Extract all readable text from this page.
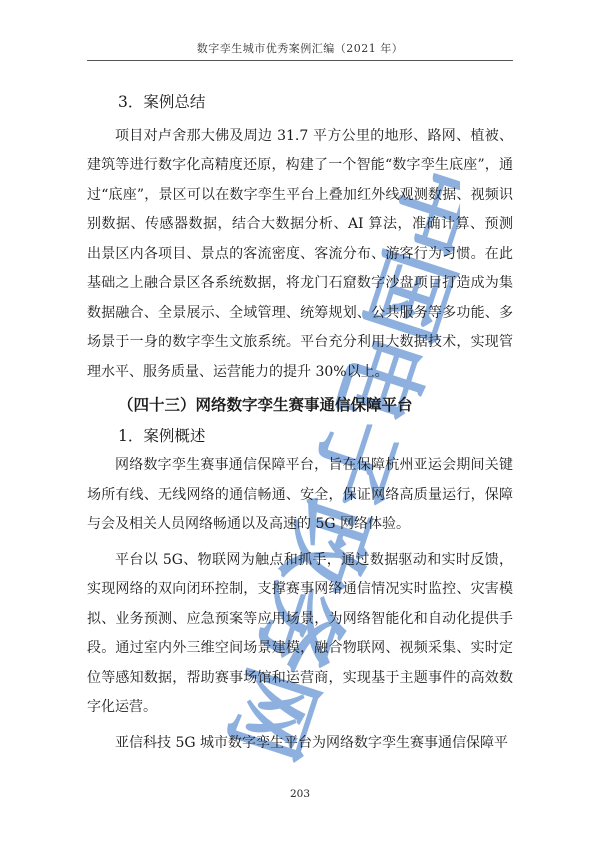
数字孪生城市优秀案例汇编（2021 年）
中国电子政务网

3．案例总结

项目对卢舍那大佛及周边 31.7 平方公里的地形、路网、植被、建筑等进行数字化高精度还原，构建了一个智能“数字孪生底座”，通过“底座”，景区可以在数字孪生平台上叠加红外线观测数据、视频识别数据、传感器数据，结合大数据分析、AI 算法，准确计算、预测出景区内各项目、景点的客流密度、客流分布、游客行为习惯。在此基础之上融合景区各系统数据，将龙门石窟数字沙盘项目打造成为集数据融合、全景展示、全域管理、统筹规划、公共服务等多功能、多场景于一身的数字孪生文旅系统。平台充分利用大数据技术，实现管理水平、服务质量、运营能力的提升 30%以上。

（四十三）网络数字孪生赛事通信保障平台

1．案例概述

网络数字孪生赛事通信保障平台，旨在保障杭州亚运会期间关键场所有线、无线网络的通信畅通、安全，保证网络高质量运行，保障与会及相关人员网络畅通以及高速的 5G 网络体验。

平台以 5G、物联网为触点和抓手，通过数据驱动和实时反馈，实现网络的双向闭环控制，支撑赛事网络通信情况实时监控、灾害模拟、业务预测、应急预案等应用场景，为网络智能化和自动化提供手段。通过室内外三维空间场景建模，融合物联网、视频采集、实时定位等感知数据，帮助赛事场馆和运营商，实现基于主题事件的高效数字化运营。

亚信科技 5G 城市数字孪生平台为网络数字孪生赛事通信保障平

203
